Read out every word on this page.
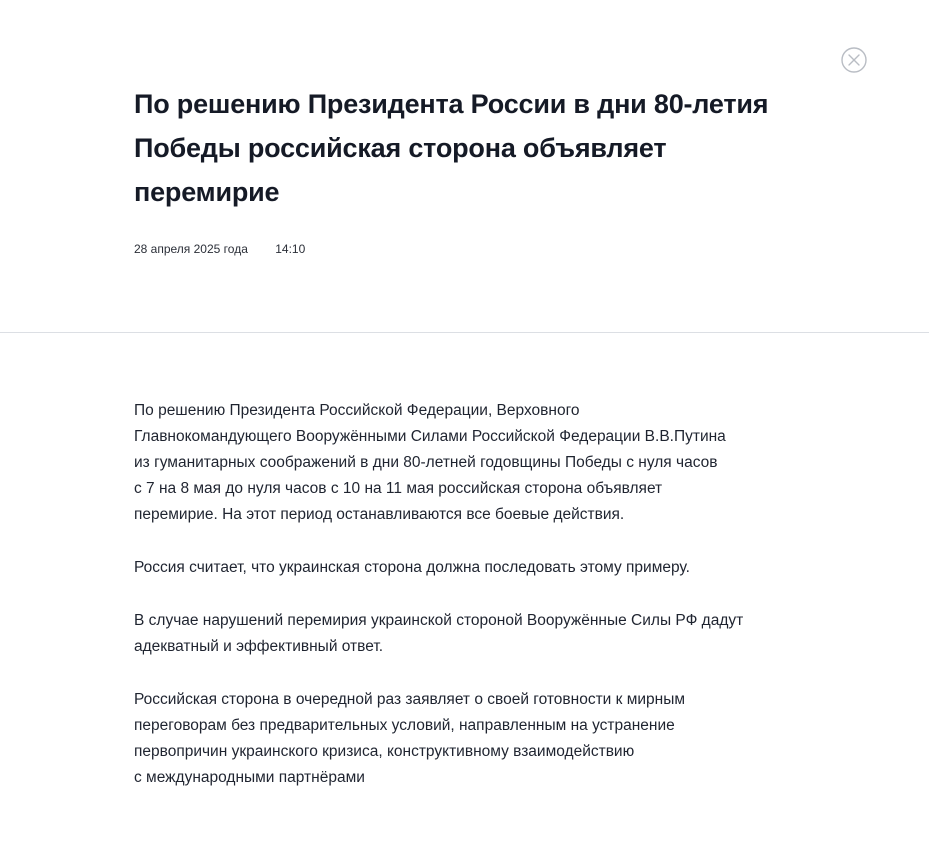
По решению Президента России в дни 80-летия
Победы российская сторона объявляет
перемирие
28 апреля 2025 года 14:10

По решению Президента Российской Федерации, Верховного
Главнокомандующего Вооружёнными Силами Российской Федерации В.В.Путина
из гуманитарных соображений в дни 80-летней годовщины Победы с нуля часов
с 7 на 8 мая до нуля часов с 10 на 11 мая российская сторона объявляет
перемирие. На этот период останавливаются все боевые действия.

Россия считает, что украинская сторона должна последовать этому примеру.

В случае нарушений перемирия украинской стороной Вооружённые Силы РФ дадут
адекватный и эффективный ответ.

Российская сторона в очередной раз заявляет о своей готовности к мирным
переговорам без предварительных условий, направленным на устранение
первопричин украинского кризиса, конструктивному взаимодействию
с международными партнёрами
